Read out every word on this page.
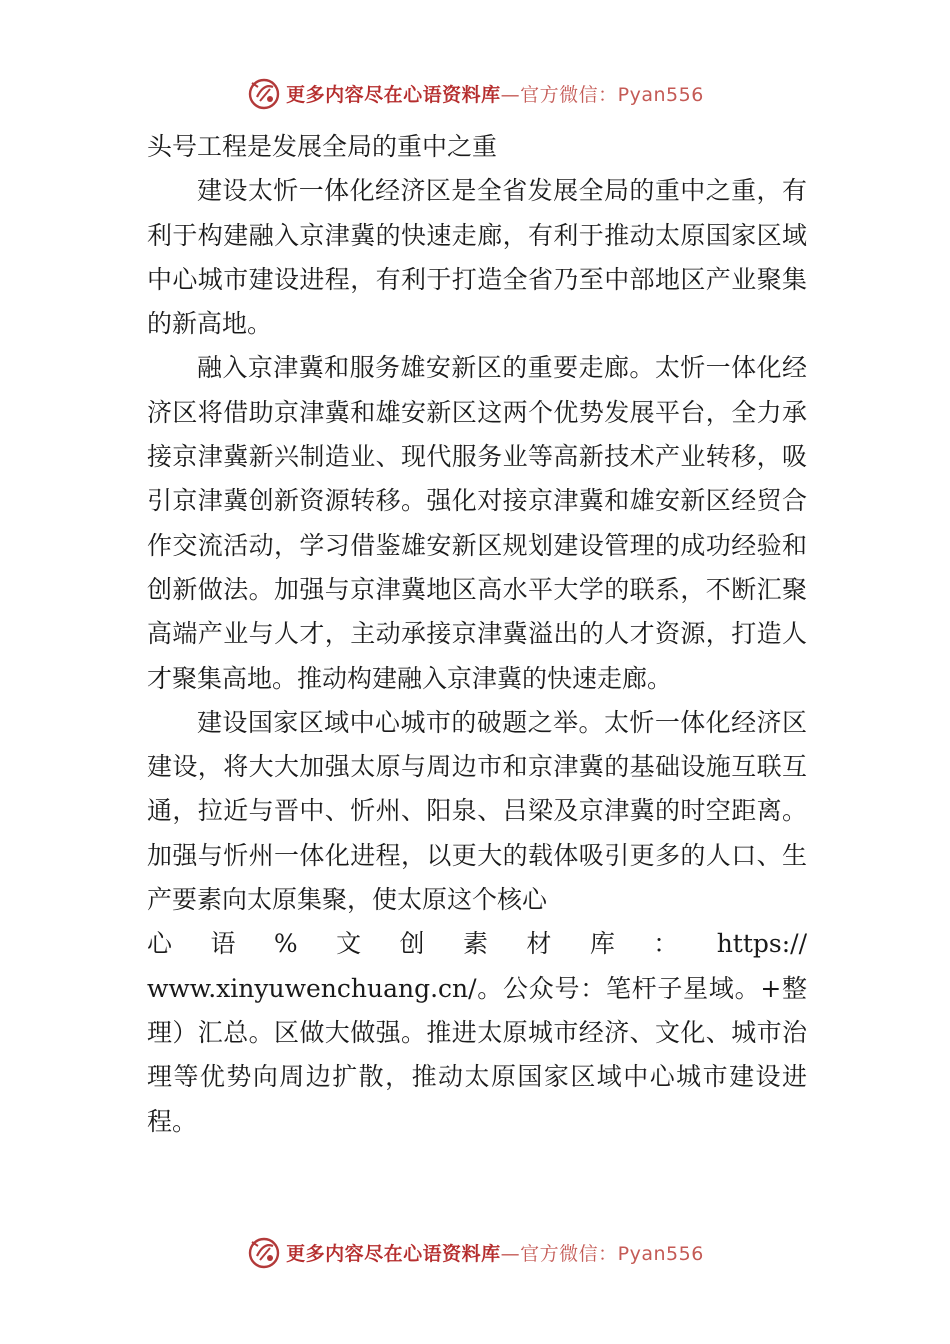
更多内容尽在心语资料库—官方微信：Pyan556

头号工程是发展全局的重中之重

建设太忻一体化经济区是全省发展全局的重中之重，有利于构建融入京津冀的快速走廊，有利于推动太原国家区域中心城市建设进程，有利于打造全省乃至中部地区产业聚集的新高地。

融入京津冀和服务雄安新区的重要走廊。太忻一体化经济区将借助京津冀和雄安新区这两个优势发展平台，全力承接京津冀新兴制造业、现代服务业等高新技术产业转移，吸引京津冀创新资源转移。强化对接京津冀和雄安新区经贸合作交流活动，学习借鉴雄安新区规划建设管理的成功经验和创新做法。加强与京津冀地区高水平大学的联系，不断汇聚高端产业与人才，主动承接京津冀溢出的人才资源，打造人才聚集高地。推动构建融入京津冀的快速走廊。

建设国家区域中心城市的破题之举。太忻一体化经济区建设，将大大加强太原与周边市和京津冀的基础设施互联互通，拉近与晋中、忻州、阳泉、吕梁及京津冀的时空距离。加强与忻州一体化进程，以更大的载体吸引更多的人口、生产要素向太原集聚，使太原这个核心

心语%文创素材库：https://

www.xinyuwenchuang.cn/。公众号：笔杆子星域。+整理）汇总。区做大做强。推进太原城市经济、文化、城市治理等优势向周边扩散，推动太原国家区域中心城市建设进程。

更多内容尽在心语资料库—官方微信：Pyan556
